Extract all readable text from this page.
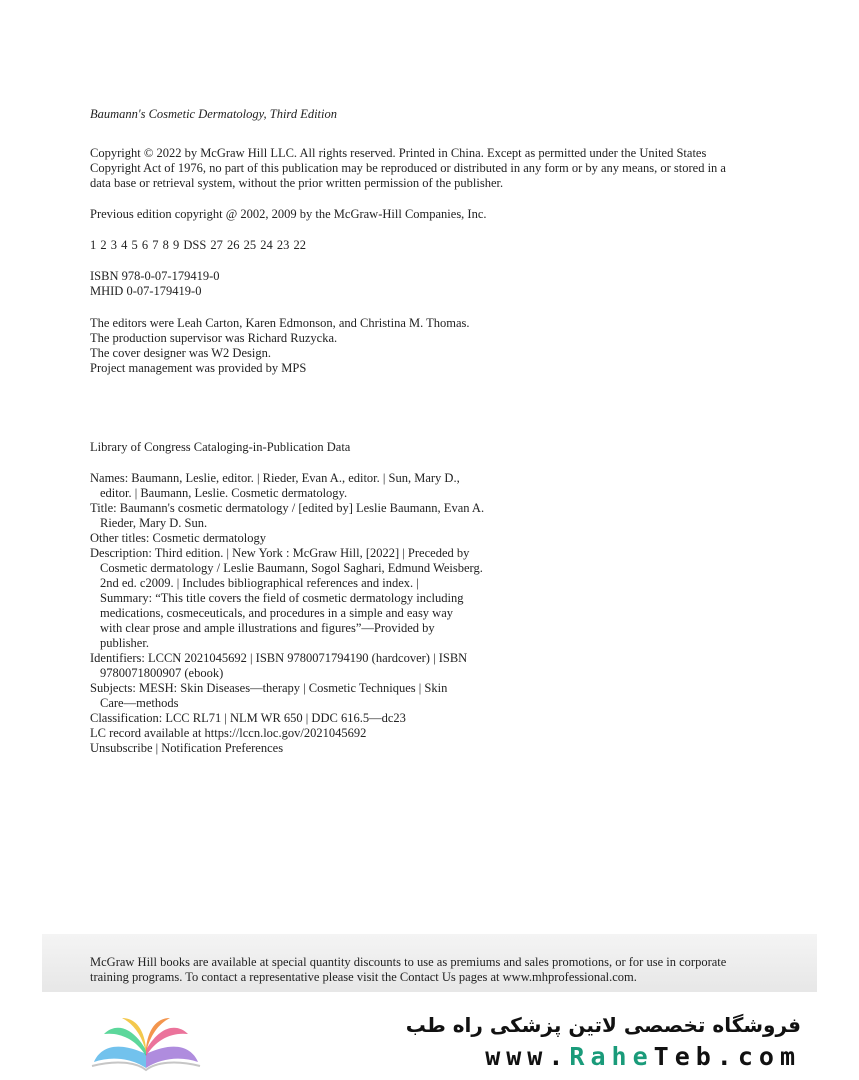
Baumann's Cosmetic Dermatology, Third Edition
Copyright © 2022 by McGraw Hill LLC. All rights reserved. Printed in China. Except as permitted under the United States
Copyright Act of 1976, no part of this publication may be reproduced or distributed in any form or by any means, or stored in a
data base or retrieval system, without the prior written permission of the publisher.
Previous edition copyright @ 2002, 2009 by the McGraw-Hill Companies, Inc.
1 2 3 4 5 6 7 8 9 DSS 27 26 25 24 23 22
ISBN 978-0-07-179419-0
MHID 0-07-179419-0
The editors were Leah Carton, Karen Edmonson, and Christina M. Thomas.
The production supervisor was Richard Ruzycka.
The cover designer was W2 Design.
Project management was provided by MPS
Library of Congress Cataloging-in-Publication Data
Names: Baumann, Leslie, editor. | Rieder, Evan A., editor. | Sun, Mary D.,
editor. | Baumann, Leslie. Cosmetic dermatology.
Title: Baumann's cosmetic dermatology / [edited by] Leslie Baumann, Evan A.
Rieder, Mary D. Sun.
Other titles: Cosmetic dermatology
Description: Third edition. | New York : McGraw Hill, [2022] | Preceded by
Cosmetic dermatology / Leslie Baumann, Sogol Saghari, Edmund Weisberg.
2nd ed. c2009. | Includes bibliographical references and index. |
Summary: “This title covers the field of cosmetic dermatology including
medications, cosmeceuticals, and procedures in a simple and easy way
with clear prose and ample illustrations and figures”—Provided by
publisher.
Identifiers: LCCN 2021045692 | ISBN 9780071794190 (hardcover) | ISBN
9780071800907 (ebook)
Subjects: MESH: Skin Diseases—therapy | Cosmetic Techniques | Skin
Care—methods
Classification: LCC RL71 | NLM WR 650 | DDC 616.5—dc23
LC record available at https://lccn.loc.gov/2021045692
Unsubscribe | Notification Preferences
McGraw Hill books are available at special quantity discounts to use as premiums and sales promotions, or for use in corporate
training programs. To contact a representative please visit the Contact Us pages at www.mhprofessional.com.
فروشگاه تخصصی لاتین پزشکی راه طب
www.RaheTeb.com
